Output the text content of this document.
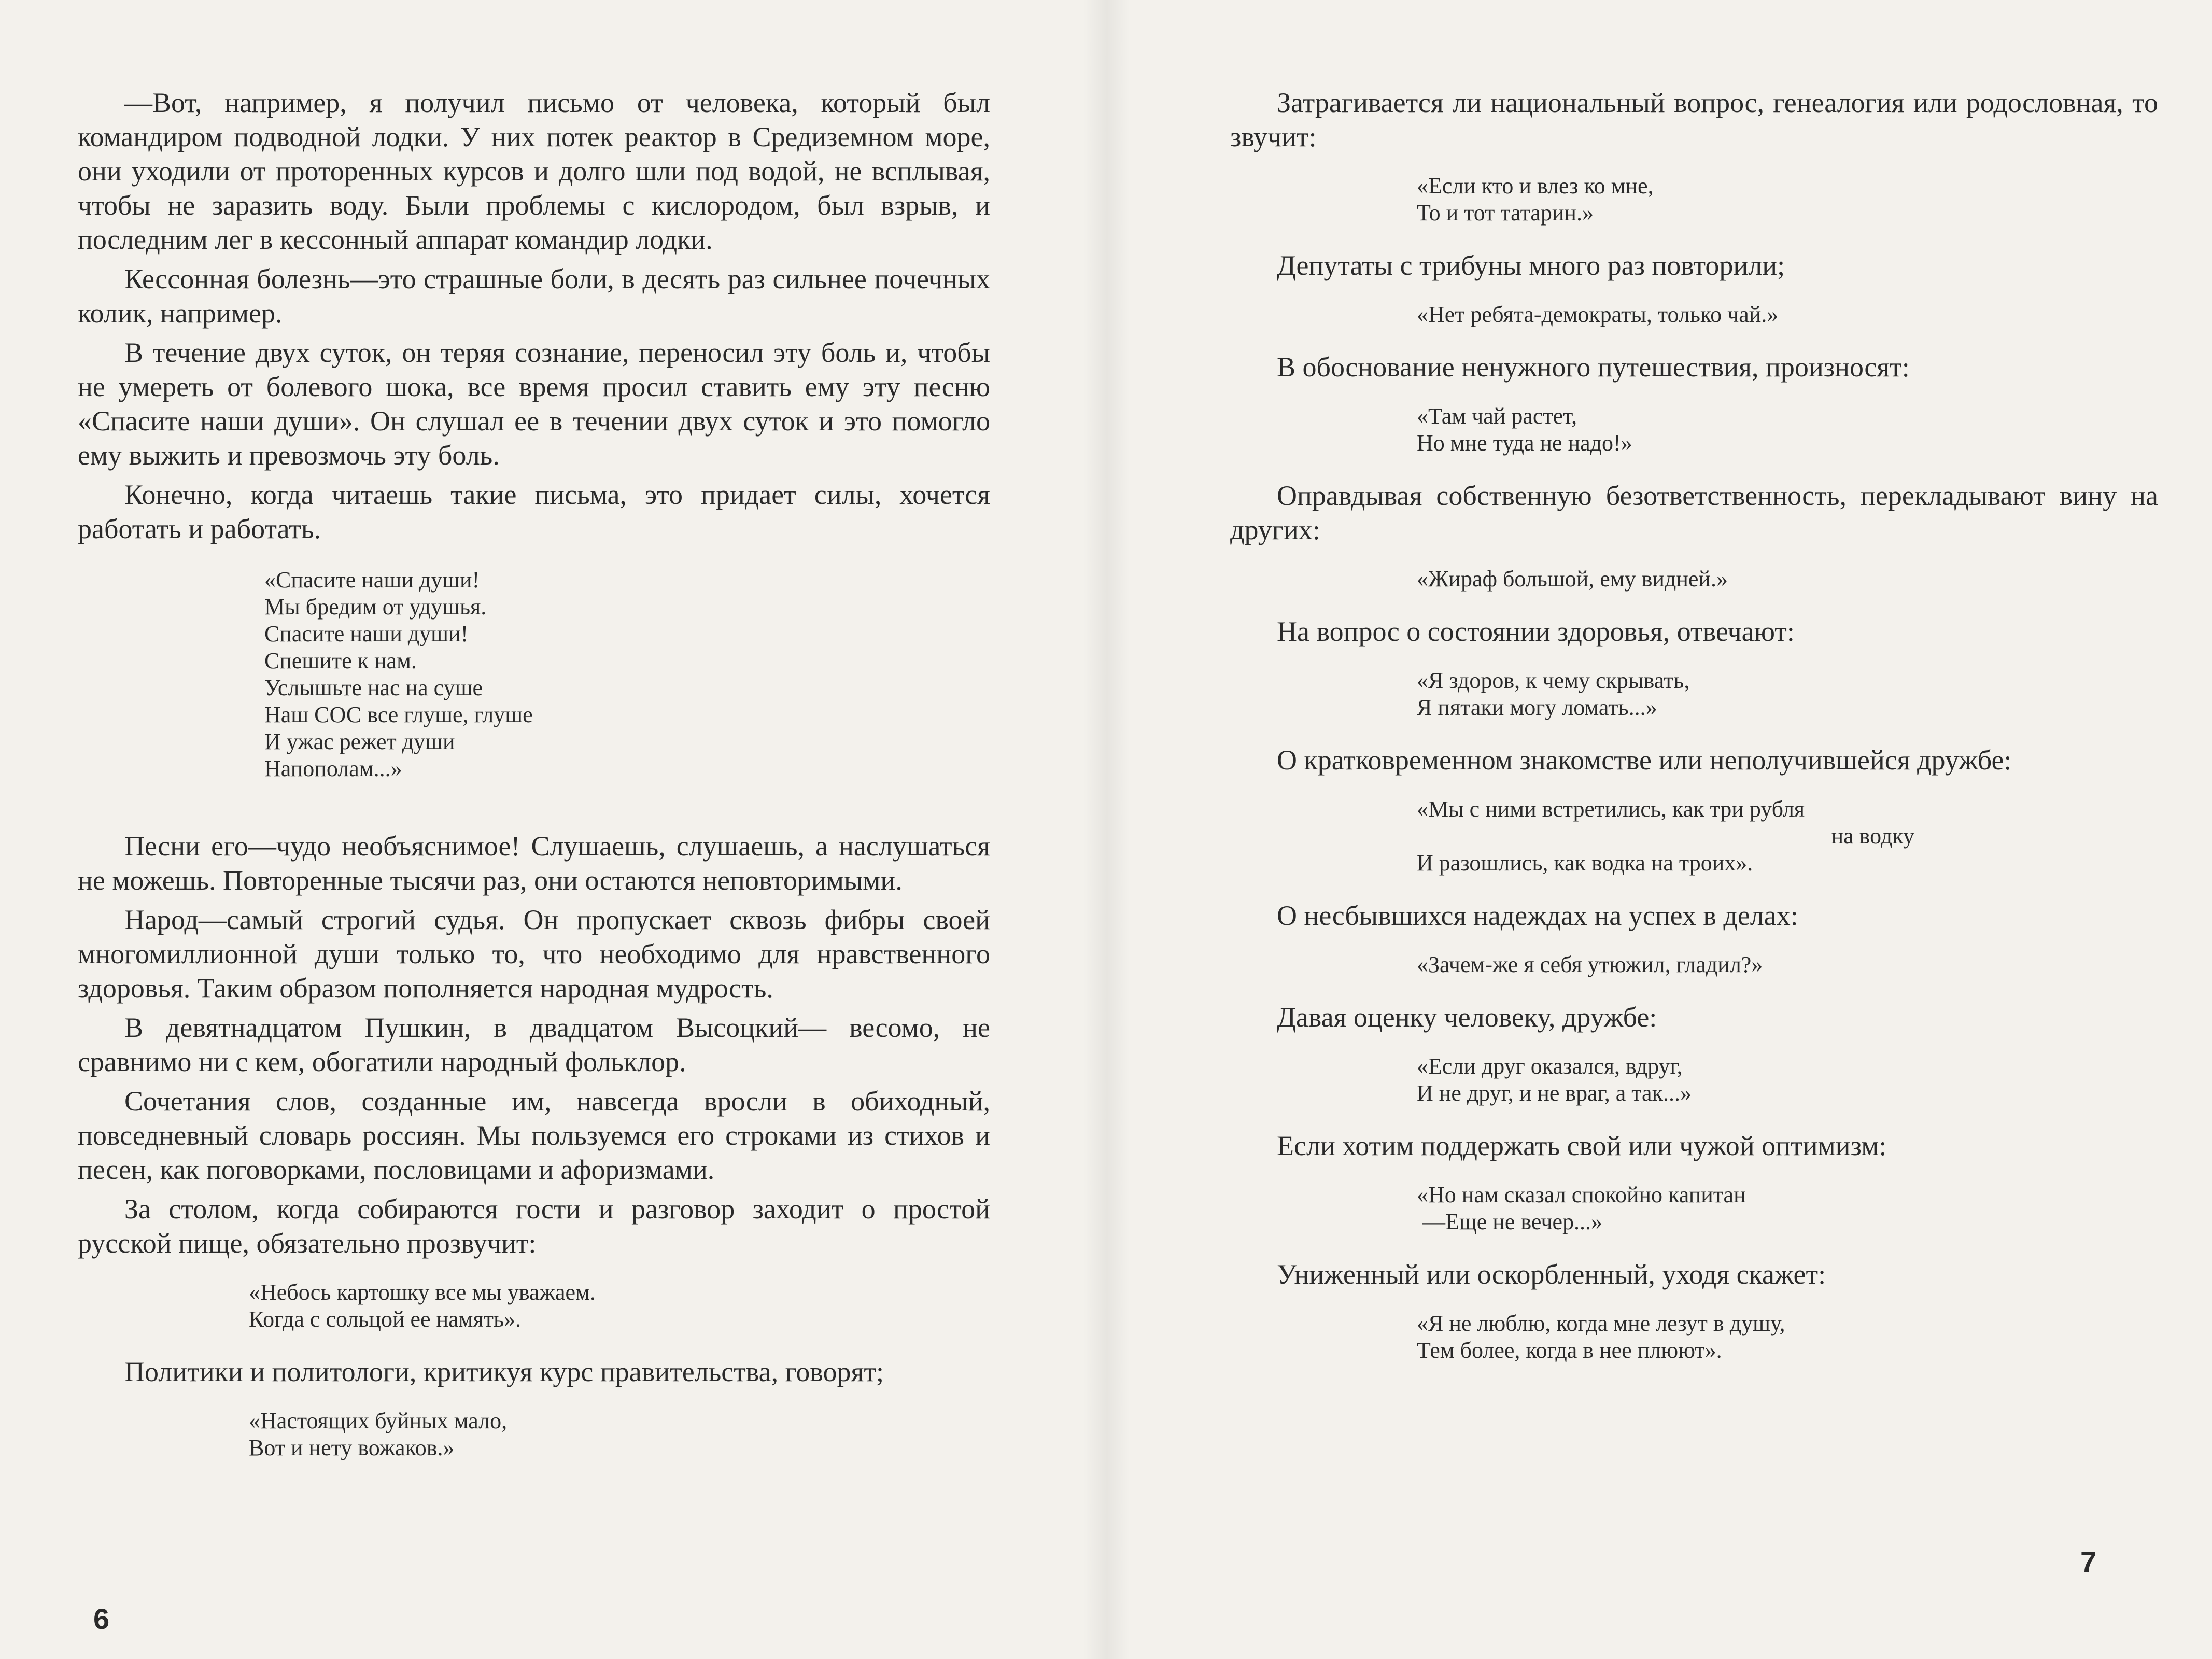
—Вот, например, я получил письмо от человека, который был командиром подводной лодки. У них потек реактор в Средиземном море, они уходили от проторенных курсов и долго шли под водой, не всплывая, чтобы не заразить воду. Были проблемы с кислородом, был взрыв, и последним лег в кессонный аппарат командир лодки.

Кессонная болезнь—это страшные боли, в десять раз сильнее почечных колик, например.

В течение двух суток, он теряя сознание, переносил эту боль и, чтобы не умереть от болевого шока, все время просил ставить ему эту песню «Спасите наши души». Он слушал ее в течении двух суток и это помогло ему выжить и превозмочь эту боль.

Конечно, когда читаешь такие письма, это придает силы, хочется работать и работать.

«Спасите наши души!
Мы бредим от удушья.
Спасите наши души!
Спешите к нам.
Услышьте нас на суше
Наш СОС все глуше, глуше
И ужас режет души
Напополам...»

Песни его—чудо необъяснимое! Слушаешь, слушаешь, а наслушаться не можешь. Повторенные тысячи раз, они остаются неповторимыми.

Народ—самый строгий судья. Он пропускает сквозь фибры своей многомиллионной души только то, что необходимо для нравственного здоровья. Таким образом пополняется народная мудрость.

В девятнадцатом Пушкин, в двадцатом Высоцкий— весомо, не сравнимо ни с кем, обогатили народный фольклор.

Сочетания слов, созданные им, навсегда вросли в обиходный, повседневный словарь россиян. Мы пользуемся его строками из стихов и песен, как поговорками, пословицами и афоризмами.

За столом, когда собираются гости и разговор заходит о простой русской пище, обязательно прозвучит:

«Небось картошку все мы уважаем.
Когда с сольцой ее намять».

Политики и политологи, критикуя курс правительства, говорят;

«Настоящих буйных мало,
Вот и нету вожаков.»
6

Затрагивается ли национальный вопрос, генеалогия или родословная, то звучит:

«Если кто и влез ко мне,
То и тот татарин.»

Депутаты с трибуны много раз повторили;

«Нет ребята-демократы, только чай.»

В обоснование ненужного путешествия, произносят:

«Там чай растет,
Но мне туда не надо!»

Оправдывая собственную безответственность, перекладывают вину на других:

«Жираф большой, ему видней.»

На вопрос о состоянии здоровья, отвечают:

«Я здоров, к чему скрывать,
Я пятаки могу ломать...»

О кратковременном знакомстве или неполучившейся дружбе:

«Мы с ними встретились, как три рубля
на водку
И разошлись, как водка на троих».

О несбывшихся надеждах на успех в делах:

«Зачем-же я себя утюжил, гладил?»

Давая оценку человеку, дружбе:

«Если друг оказался, вдруг,
И не друг, и не враг, а так...»

Если хотим поддержать свой или чужой оптимизм:

«Но нам сказал спокойно капитан
—Еще не вечер...»

Униженный или оскорбленный, уходя скажет:

«Я не люблю, когда мне лезут в душу,
Тем более, когда в нее плюют».
7
